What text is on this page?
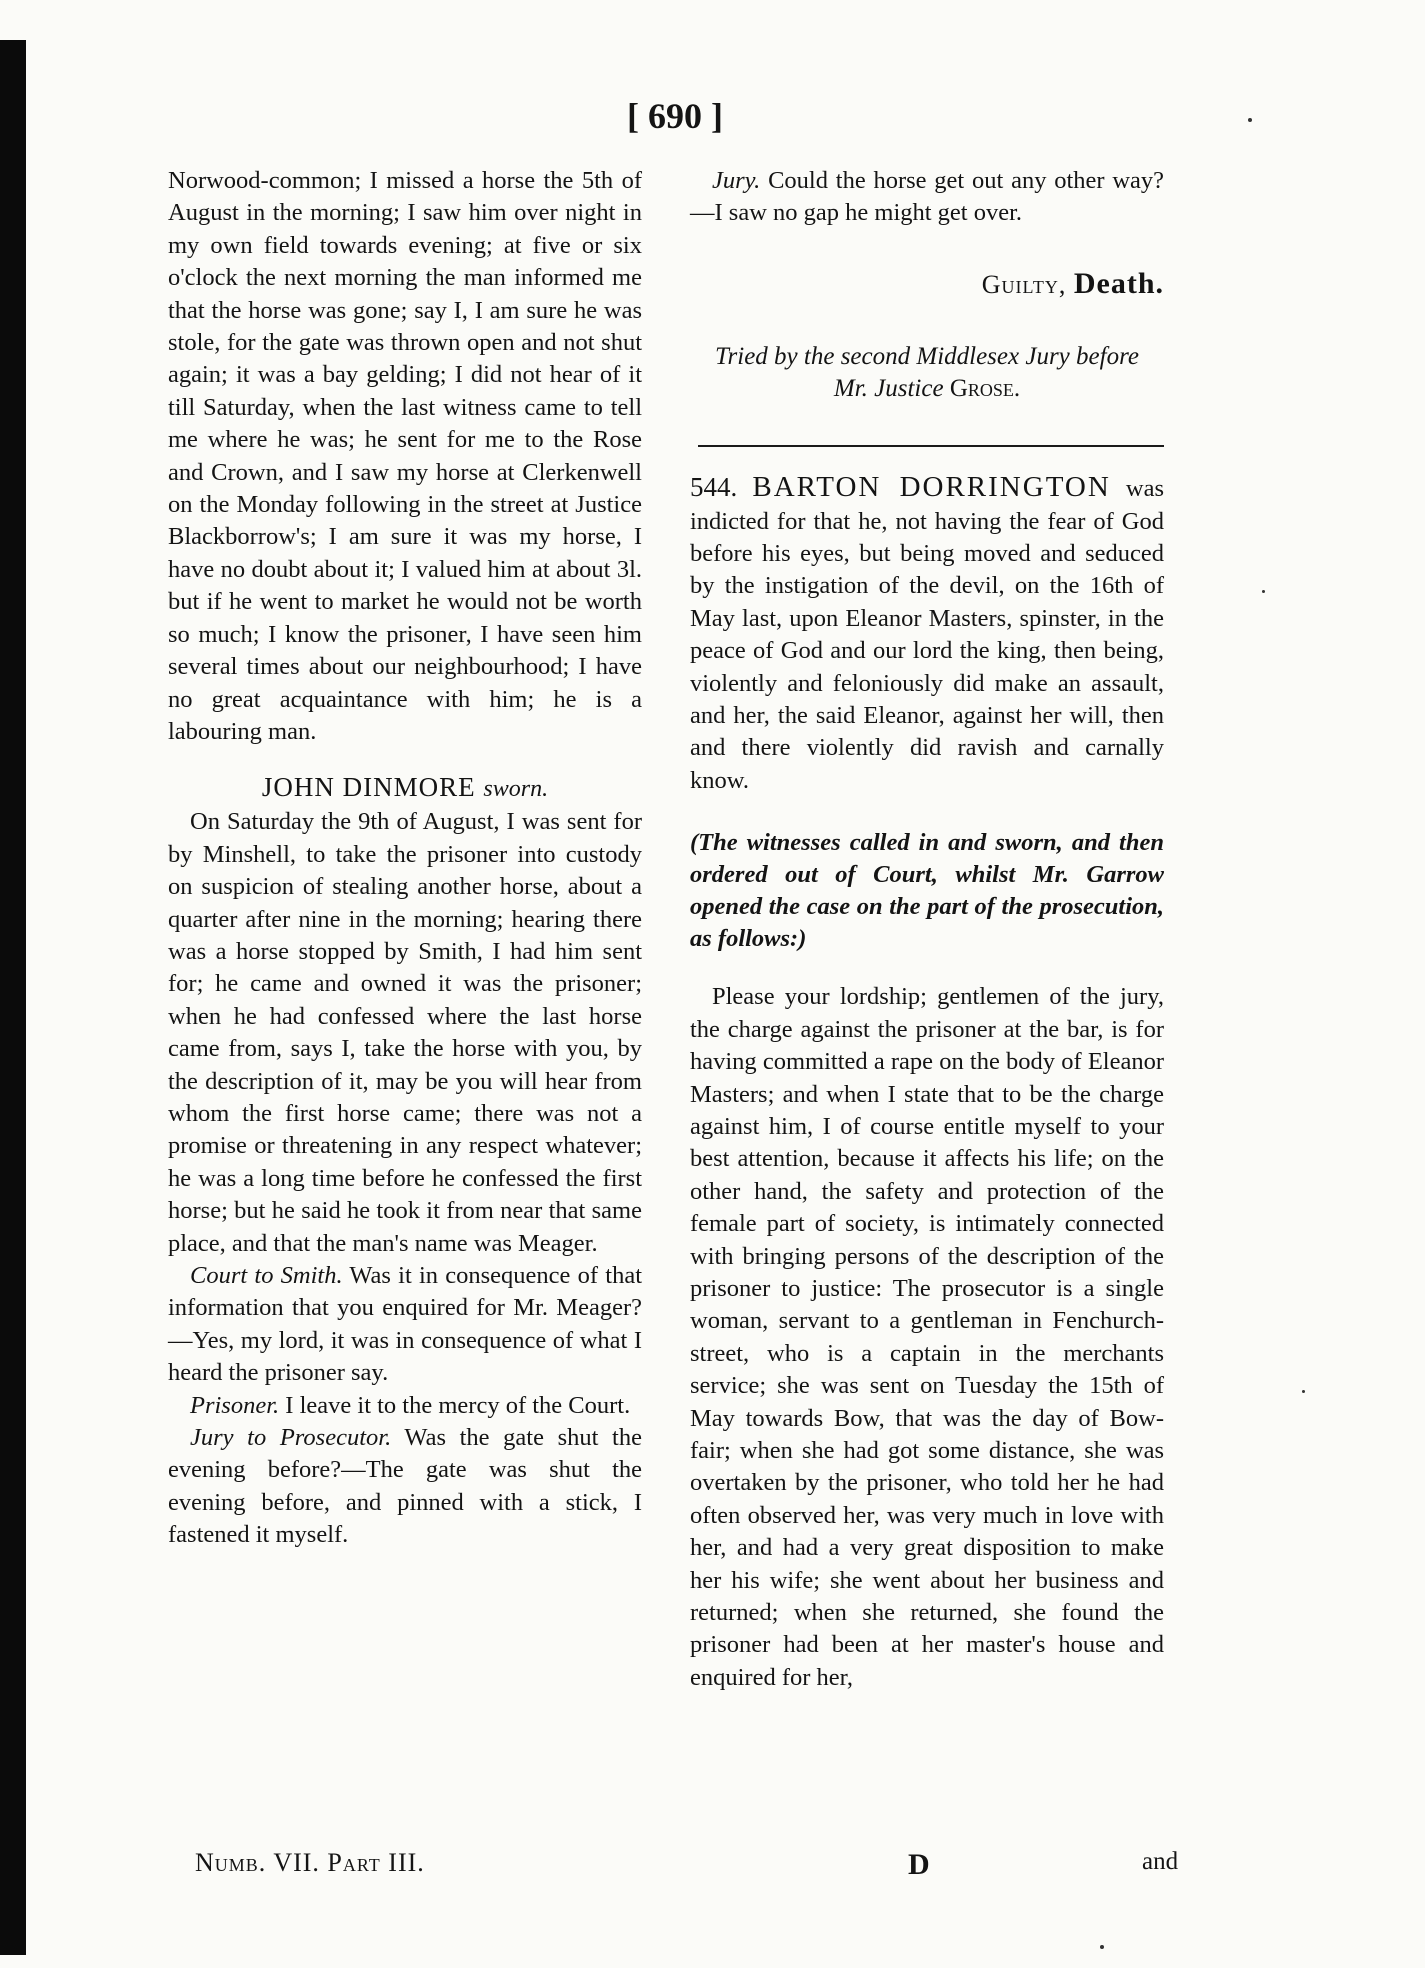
[ 690 ]

Norwood-common; I missed a horse the 5th of August in the morning; I saw him over night in my own field towards evening; at five or six o'clock the next morning the man informed me that the horse was gone; say I, I am sure he was stole, for the gate was thrown open and not shut again; it was a bay gelding; I did not hear of it till Saturday, when the last witness came to tell me where he was; he sent for me to the Rose and Crown, and I saw my horse at Clerkenwell on the Monday following in the street at Justice Blackborrow's; I am sure it was my horse, I have no doubt about it; I valued him at about 3l. but if he went to market he would not be worth so much; I know the prisoner, I have seen him several times about our neighbourhood; I have no great acquaintance with him; he is a labouring man.

JOHN DINMORE sworn.

On Saturday the 9th of August, I was sent for by Minshell, to take the prisoner into custody on suspicion of stealing another horse, about a quarter after nine in the morning; hearing there was a horse stopped by Smith, I had him sent for; he came and owned it was the prisoner; when he had confessed where the last horse came from, says I, take the horse with you, by the description of it, may be you will hear from whom the first horse came; there was not a promise or threatening in any respect whatever; he was a long time before he confessed the first horse; but he said he took it from near that same place, and that the man's name was Meager.

Court to Smith. Was it in consequence of that information that you enquired for Mr. Meager?—Yes, my lord, it was in consequence of what I heard the prisoner say.

Prisoner. I leave it to the mercy of the Court.

Jury to Prosecutor. Was the gate shut the evening before?—The gate was shut the evening before, and pinned with a stick, I fastened it myself.

Jury. Could the horse get out any other way?—I saw no gap he might get over.

Guilty, Death.

Tried by the second Middlesex Jury before
Mr. Justice Grose.

544. BARTON DORRINGTON was indicted for that he, not having the fear of God before his eyes, but being moved and seduced by the instigation of the devil, on the 16th of May last, upon Eleanor Masters, spinster, in the peace of God and our lord the king, then being, violently and feloniously did make an assault, and her, the said Eleanor, against her will, then and there violently did ravish and carnally know.

(The witnesses called in and sworn, and then ordered out of Court, whilst Mr. Garrow opened the case on the part of the prosecution, as follows:)

Please your lordship; gentlemen of the jury, the charge against the prisoner at the bar, is for having committed a rape on the body of Eleanor Masters; and when I state that to be the charge against him, I of course entitle myself to your best attention, because it affects his life; on the other hand, the safety and protection of the female part of society, is intimately connected with bringing persons of the description of the prisoner to justice: The prosecutor is a single woman, servant to a gentleman in Fenchurch-street, who is a captain in the merchants service; she was sent on Tuesday the 15th of May towards Bow, that was the day of Bow-fair; when she had got some distance, she was overtaken by the prisoner, who told her he had often observed her, was very much in love with her, and had a very great disposition to make her his wife; she went about her business and returned; when she returned, she found the prisoner had been at her master's house and enquired for her,

Numb. VII. Part III.	D	and
